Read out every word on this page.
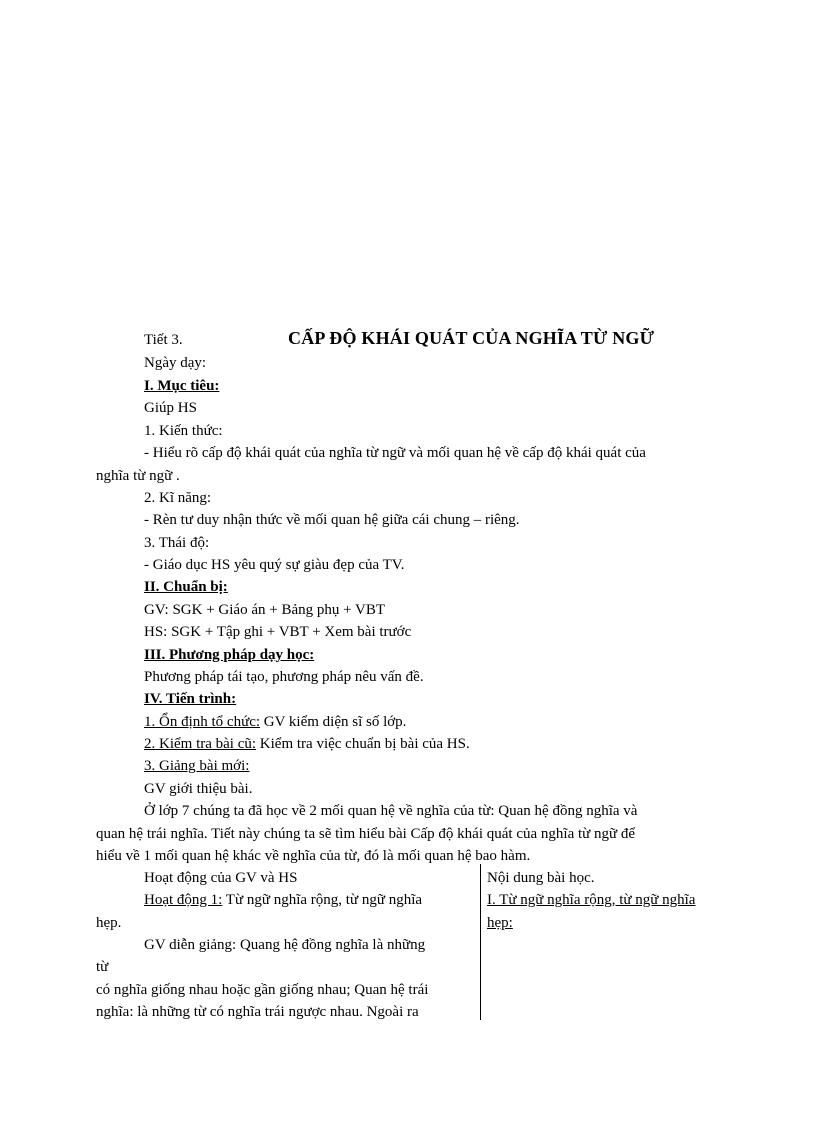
Tiết 3.	CẤP ĐỘ KHÁI QUÁT CỦA NGHĨA TỪ NGỮ
Ngày dạy:
I. Mục tiêu:
Giúp HS
1. Kiến thức:
- Hiểu rõ cấp độ khái quát của nghĩa từ ngữ và mối quan hệ về cấp độ khái quát của
nghĩa từ ngữ .
2. Kĩ năng:
- Rèn tư duy nhận thức về mối quan hệ giữa cái chung – riêng.
3. Thái độ:
- Giáo dục HS yêu quý sự giàu đẹp của TV.
II. Chuẩn bị:
GV: SGK + Giáo án + Bảng phụ + VBT
HS: SGK + Tập ghi + VBT + Xem bài trước
III. Phương pháp dạy học:
Phương pháp tái tạo, phương pháp nêu vấn đề.
IV. Tiến trình:
1. Ổn định tổ chức: GV kiểm diện sĩ số lớp.
2. Kiểm tra bài cũ: Kiểm tra việc chuẩn bị bài của HS.
3. Giảng bài mới:
GV giới thiệu bài.
Ở lớp 7 chúng ta đã học về 2 mối quan hệ về nghĩa của từ: Quan hệ đồng nghĩa và
quan hệ trái nghĩa. Tiết này chúng ta sẽ tìm hiểu bài Cấp độ khái quát của nghĩa từ ngữ để
hiểu về 1 mối quan hệ khác về nghĩa của từ, đó là mối quan hệ bao hàm.
Hoạt động của GV và HS
Hoạt động 1: Từ ngữ nghĩa rộng, từ ngữ nghĩa
hẹp.
GV diễn giảng: Quang hệ đồng nghĩa là những
từ
có nghĩa giống nhau hoặc gần giống nhau; Quan hệ trái
nghĩa: là những từ có nghĩa trái ngược nhau. Ngoài ra
Nội dung bài học.
I. Từ ngữ nghĩa rộng, từ ngữ nghĩa
hẹp:
